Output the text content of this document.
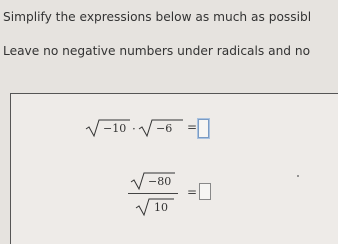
Simplify the expressions below as much as possibl
Leave no negative numbers under radicals and no
−10 · −6 =
−80
10
=
